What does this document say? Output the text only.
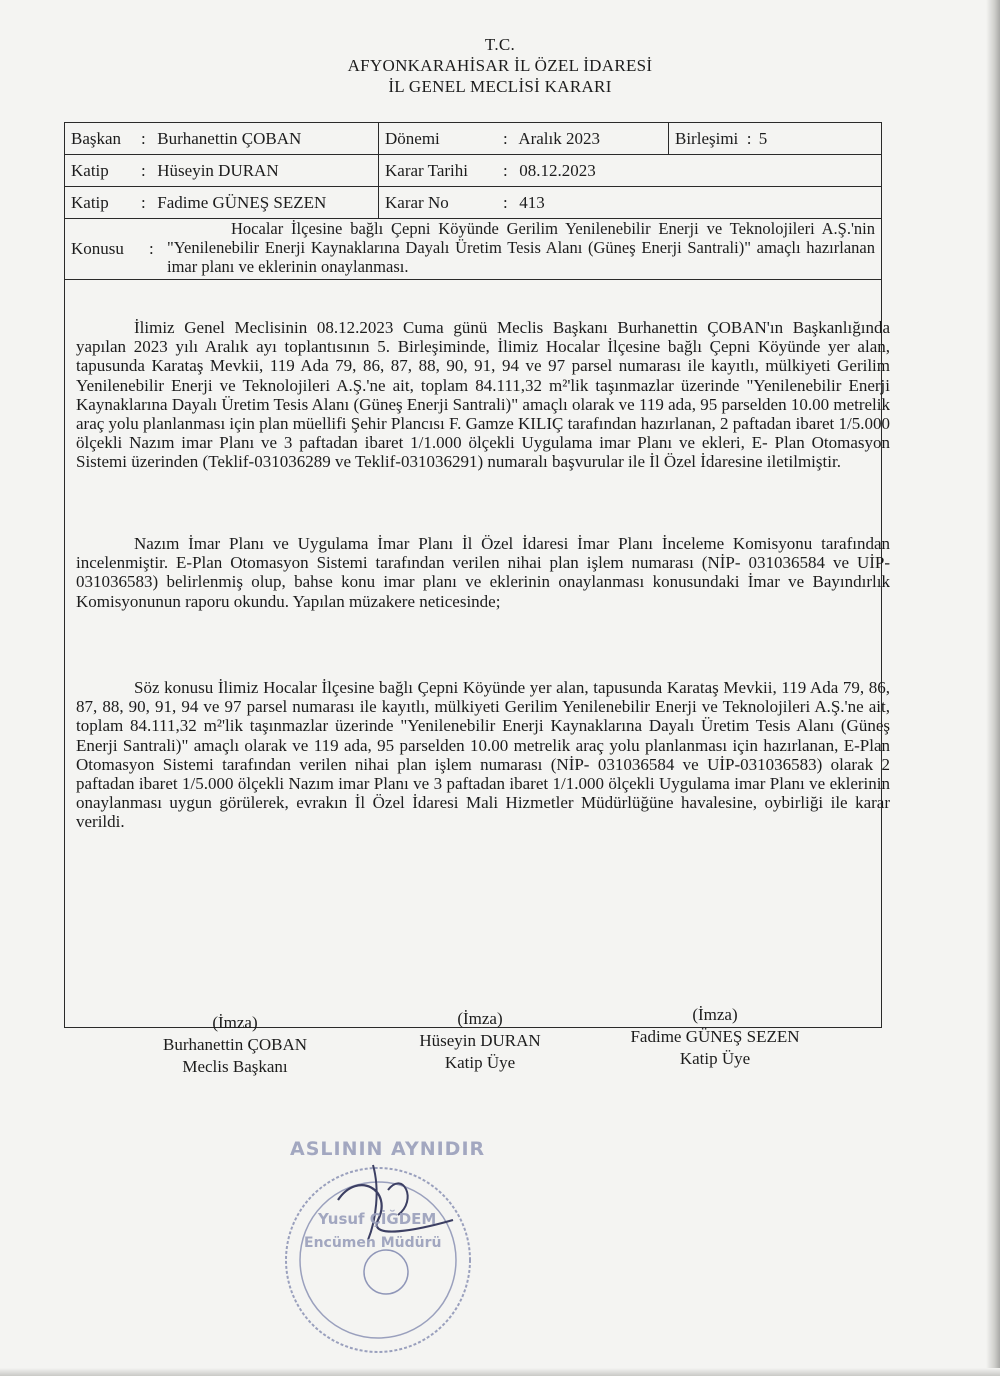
T.C.
AFYONKARAHİSAR İL ÖZEL İDARESİ
İL GENEL MECLİSİ KARARI
Başkan : Burhanettin ÇOBAN	Dönemi : Aralık 2023	Birleşimi  : 5
Katip : Hüseyin DURAN	Karar Tarihi : 08.12.2023	
Katip : Fadime GÜNEŞ SEZEN	Karar No : 413	

Konusu :
Hocalar İlçesine bağlı Çepni Köyünde Gerilim Yenilenebilir Enerji ve Teknolojileri A.Ş.'nin "Yenilenebilir Enerji Kaynaklarına Dayalı Üretim Tesis Alanı (Güneş Enerji Santrali)" amaçlı hazırlanan imar planı ve eklerinin onaylanması.		

İlimiz Genel Meclisinin 08.12.2023 Cuma günü Meclis Başkanı Burhanettin ÇOBAN'ın Başkanlığında yapılan 2023 yılı Aralık ayı toplantısının 5. Birleşiminde, İlimiz Hocalar İlçesine bağlı Çepni Köyünde yer alan, tapusunda Karataş Mevkii, 119 Ada 79, 86, 87, 88, 90, 91, 94 ve 97 parsel numarası ile kayıtlı, mülkiyeti Gerilim Yenilenebilir Enerji ve Teknolojileri A.Ş.'ne ait, toplam 84.111,32 m²'lik taşınmazlar üzerinde "Yenilenebilir Enerji Kaynaklarına Dayalı Üretim Tesis Alanı (Güneş Enerji Santrali)" amaçlı olarak ve 119 ada, 95 parselden 10.00 metrelik araç yolu planlanması için plan müellifi Şehir Plancısı F. Gamze KILIÇ tarafından hazırlanan, 2 paftadan ibaret 1/5.000 ölçekli Nazım imar Planı ve 3 paftadan ibaret 1/1.000 ölçekli Uygulama imar Planı ve ekleri, E- Plan Otomasyon Sistemi üzerinden (Teklif-031036289 ve Teklif-031036291) numaralı başvurular ile İl Özel İdaresine iletilmiştir.

Nazım İmar Planı ve Uygulama İmar Planı İl Özel İdaresi İmar Planı İnceleme Komisyonu tarafından incelenmiştir. E-Plan Otomasyon Sistemi tarafından verilen nihai plan işlem numarası (NİP- 031036584 ve UİP-031036583) belirlenmiş olup, bahse konu imar planı ve eklerinin onaylanması konusundaki İmar ve Bayındırlık Komisyonunun raporu okundu. Yapılan müzakere neticesinde;

Söz konusu İlimiz Hocalar İlçesine bağlı Çepni Köyünde yer alan, tapusunda Karataş Mevkii, 119 Ada 79, 86, 87, 88, 90, 91, 94 ve 97 parsel numarası ile kayıtlı, mülkiyeti Gerilim Yenilenebilir Enerji ve Teknolojileri A.Ş.'ne ait, toplam 84.111,32 m²'lik taşınmazlar üzerinde "Yenilenebilir Enerji Kaynaklarına Dayalı Üretim Tesis Alanı (Güneş Enerji Santrali)" amaçlı olarak ve 119 ada, 95 parselden 10.00 metrelik araç yolu planlanması için hazırlanan, E-Plan Otomasyon Sistemi tarafından verilen nihai plan işlem numarası (NİP- 031036584 ve UİP-031036583) olarak 2 paftadan ibaret 1/5.000 ölçekli Nazım imar Planı ve 3 paftadan ibaret 1/1.000 ölçekli Uygulama imar Planı ve eklerinin onaylanması uygun görülerek, evrakın İl Özel İdaresi Mali Hizmetler Müdürlüğüne havalesine, oybirliği ile karar verildi.

(İmza)
Burhanettin ÇOBAN
Meclis Başkanı
(İmza)
Hüseyin DURAN
Katip Üye
(İmza)
Fadime GÜNEŞ SEZEN
Katip Üye
ASLININ AYNIDIR
Yusuf ÇİĞDEM
Encümen Müdürü
